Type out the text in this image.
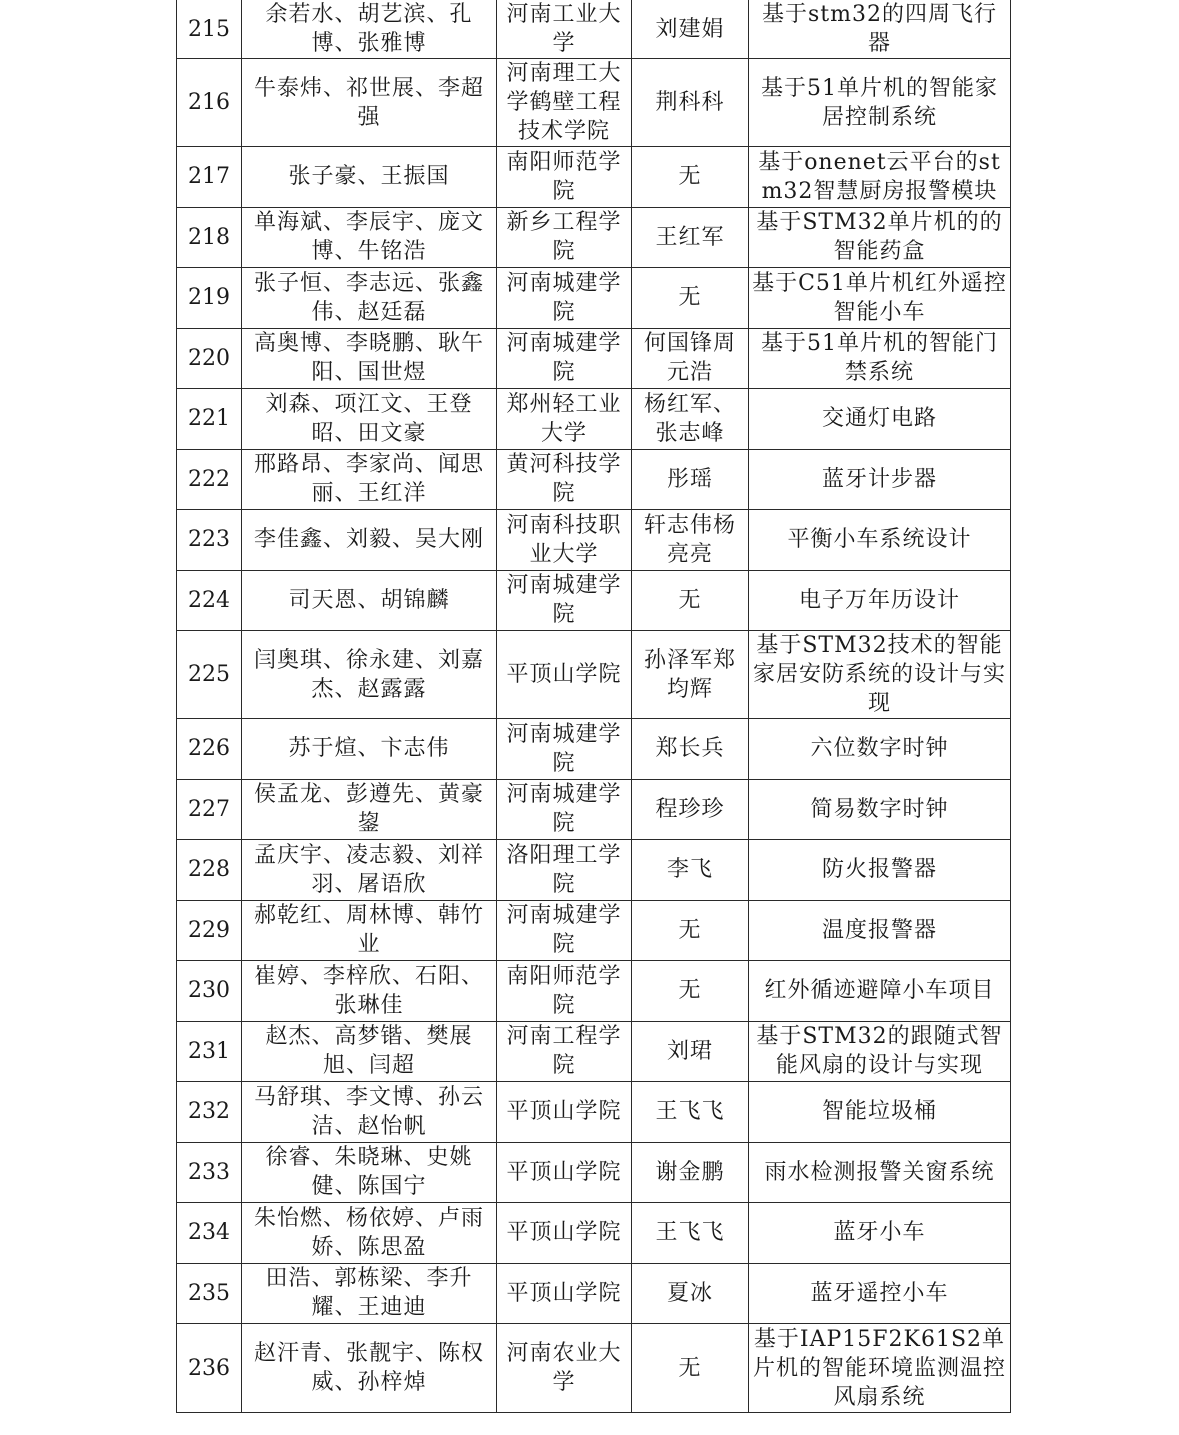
215	余若水、胡艺滨、孔博、张雅博	河南工业大学	刘建娟	基于stm32的四周飞行器
216	牛泰炜、祁世展、李超强	河南理工大学鹤壁工程技术学院	荆科科	基于51单片机的智能家居控制系统
217	张子豪、王振国	南阳师范学院	无	基于onenet云平台的stm32智慧厨房报警模块
218	单海斌、李辰宇、庞文博、牛铭浩	新乡工程学院	王红军	基于STM32单片机的的智能药盒
219	张子恒、李志远、张鑫伟、赵廷磊	河南城建学院	无	基于C51单片机红外遥控智能小车
220	高奥博、李晓鹏、耿午阳、国世煜	河南城建学院	何国锋周元浩	基于51单片机的智能门禁系统
221	刘森、项江文、王登昭、田文豪	郑州轻工业大学	杨红军、张志峰	交通灯电路
222	邢路昂、李家尚、闻思丽、王红洋	黄河科技学院	彤瑶	蓝牙计步器
223	李佳鑫、刘毅、吴大刚	河南科技职业大学	轩志伟杨亮亮	平衡小车系统设计
224	司天恩、胡锦麟	河南城建学院	无	电子万年历设计
225	闫奥琪、徐永建、刘嘉杰、赵露露	平顶山学院	孙泽军郑均辉	基于STM32技术的智能家居安防系统的设计与实现
226	苏于煊、卞志伟	河南城建学院	郑长兵	六位数字时钟
227	侯孟龙、彭遵先、黄豪鋆	河南城建学院	程珍珍	简易数字时钟
228	孟庆宇、凌志毅、刘祥羽、屠语欣	洛阳理工学院	李飞	防火报警器
229	郝乾红、周林博、韩竹业	河南城建学院	无	温度报警器
230	崔婷、李梓欣、石阳、张琳佳	南阳师范学院	无	红外循迹避障小车项目
231	赵杰、高梦锴、樊展旭、闫超	河南工程学院	刘珺	基于STM32的跟随式智能风扇的设计与实现
232	马舒琪、李文博、孙云洁、赵怡帆	平顶山学院	王飞飞	智能垃圾桶
233	徐睿、朱晓琳、史姚健、陈国宁	平顶山学院	谢金鹏	雨水检测报警关窗系统
234	朱怡燃、杨依婷、卢雨娇、陈思盈	平顶山学院	王飞飞	蓝牙小车
235	田浩、郭栋梁、李升耀、王迪迪	平顶山学院	夏冰	蓝牙遥控小车
236	赵汗青、张靓宇、陈权威、孙梓焯	河南农业大学	无	基于IAP15F2K61S2单片机的智能环境监测温控风扇系统
